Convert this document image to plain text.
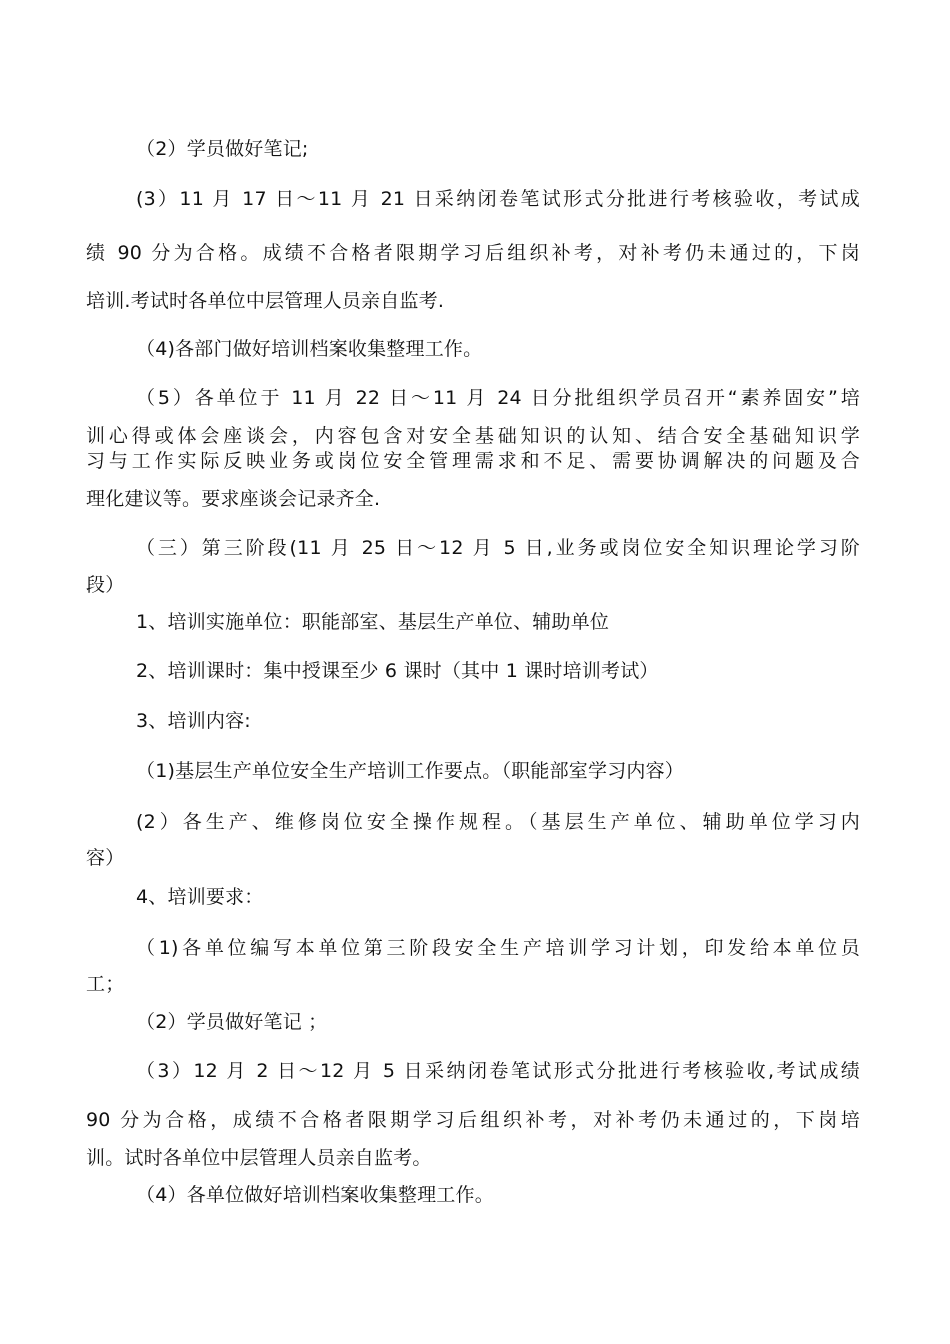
（2）学员做好笔记;
(3）11 月 17 日～11 月 21 日采纳闭卷笔试形式分批进行考核验收，考试成
绩 90 分为合格。成绩不合格者限期学习后组织补考，对补考仍未通过的，下岗
培训.考试时各单位中层管理人员亲自监考.
（4)各部门做好培训档案收集整理工作。
（5）各单位于 11 月 22 日～11 月 24 日分批组织学员召开“素养固安”培
训心得或体会座谈会，内容包含对安全基础知识的认知、结合安全基础知识学
习与工作实际反映业务或岗位安全管理需求和不足、需要协调解决的问题及合
理化建议等。要求座谈会记录齐全.
（三）第三阶段(11 月 25 日～12 月 5 日,业务或岗位安全知识理论学习阶
段）
1、培训实施单位：职能部室、基层生产单位、辅助单位
2、培训课时：集中授课至少 6 课时（其中 1 课时培训考试）
3、培训内容:
（1)基层生产单位安全生产培训工作要点。（职能部室学习内容）
(2）各生产、维修岗位安全操作规程。（基层生产单位、辅助单位学习内
容）
4、培训要求：
（1)各单位编写本单位第三阶段安全生产培训学习计划，印发给本单位员
工；
（2）学员做好笔记 ；
（3）12 月 2 日～12 月 5 日采纳闭卷笔试形式分批进行考核验收,考试成绩
90 分为合格，成绩不合格者限期学习后组织补考，对补考仍未通过的，下岗培
训。试时各单位中层管理人员亲自监考。
（4）各单位做好培训档案收集整理工作。
